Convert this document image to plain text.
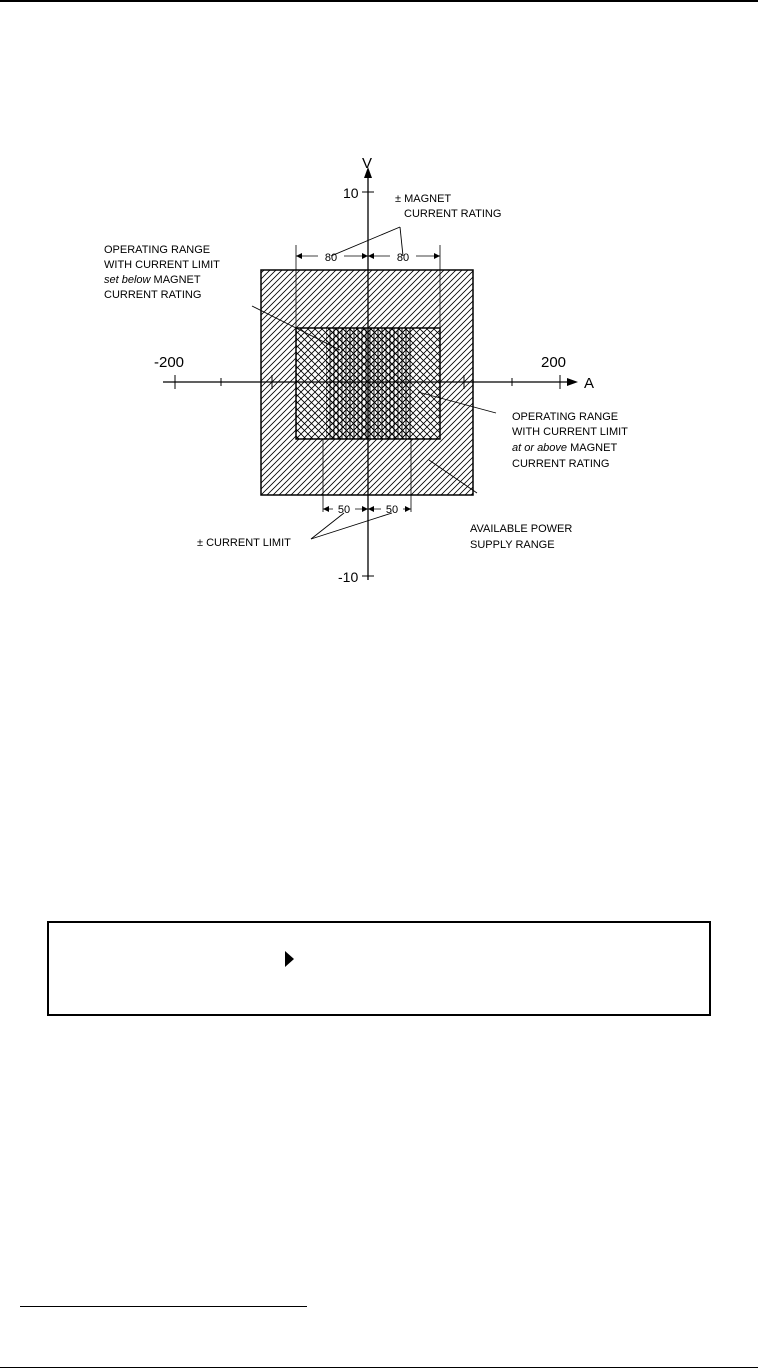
80	80
50	50
V
A
10
-10
-200	200
± MAGNET
CURRENT RATING
OPERATING RANGE
WITH CURRENT LIMIT
set below MAGNET
CURRENT RATING
OPERATING RANGE
WITH CURRENT LIMIT
at or above MAGNET
CURRENT RATING
AVAILABLE POWER
SUPPLY RANGE
± CURRENT LIMIT
